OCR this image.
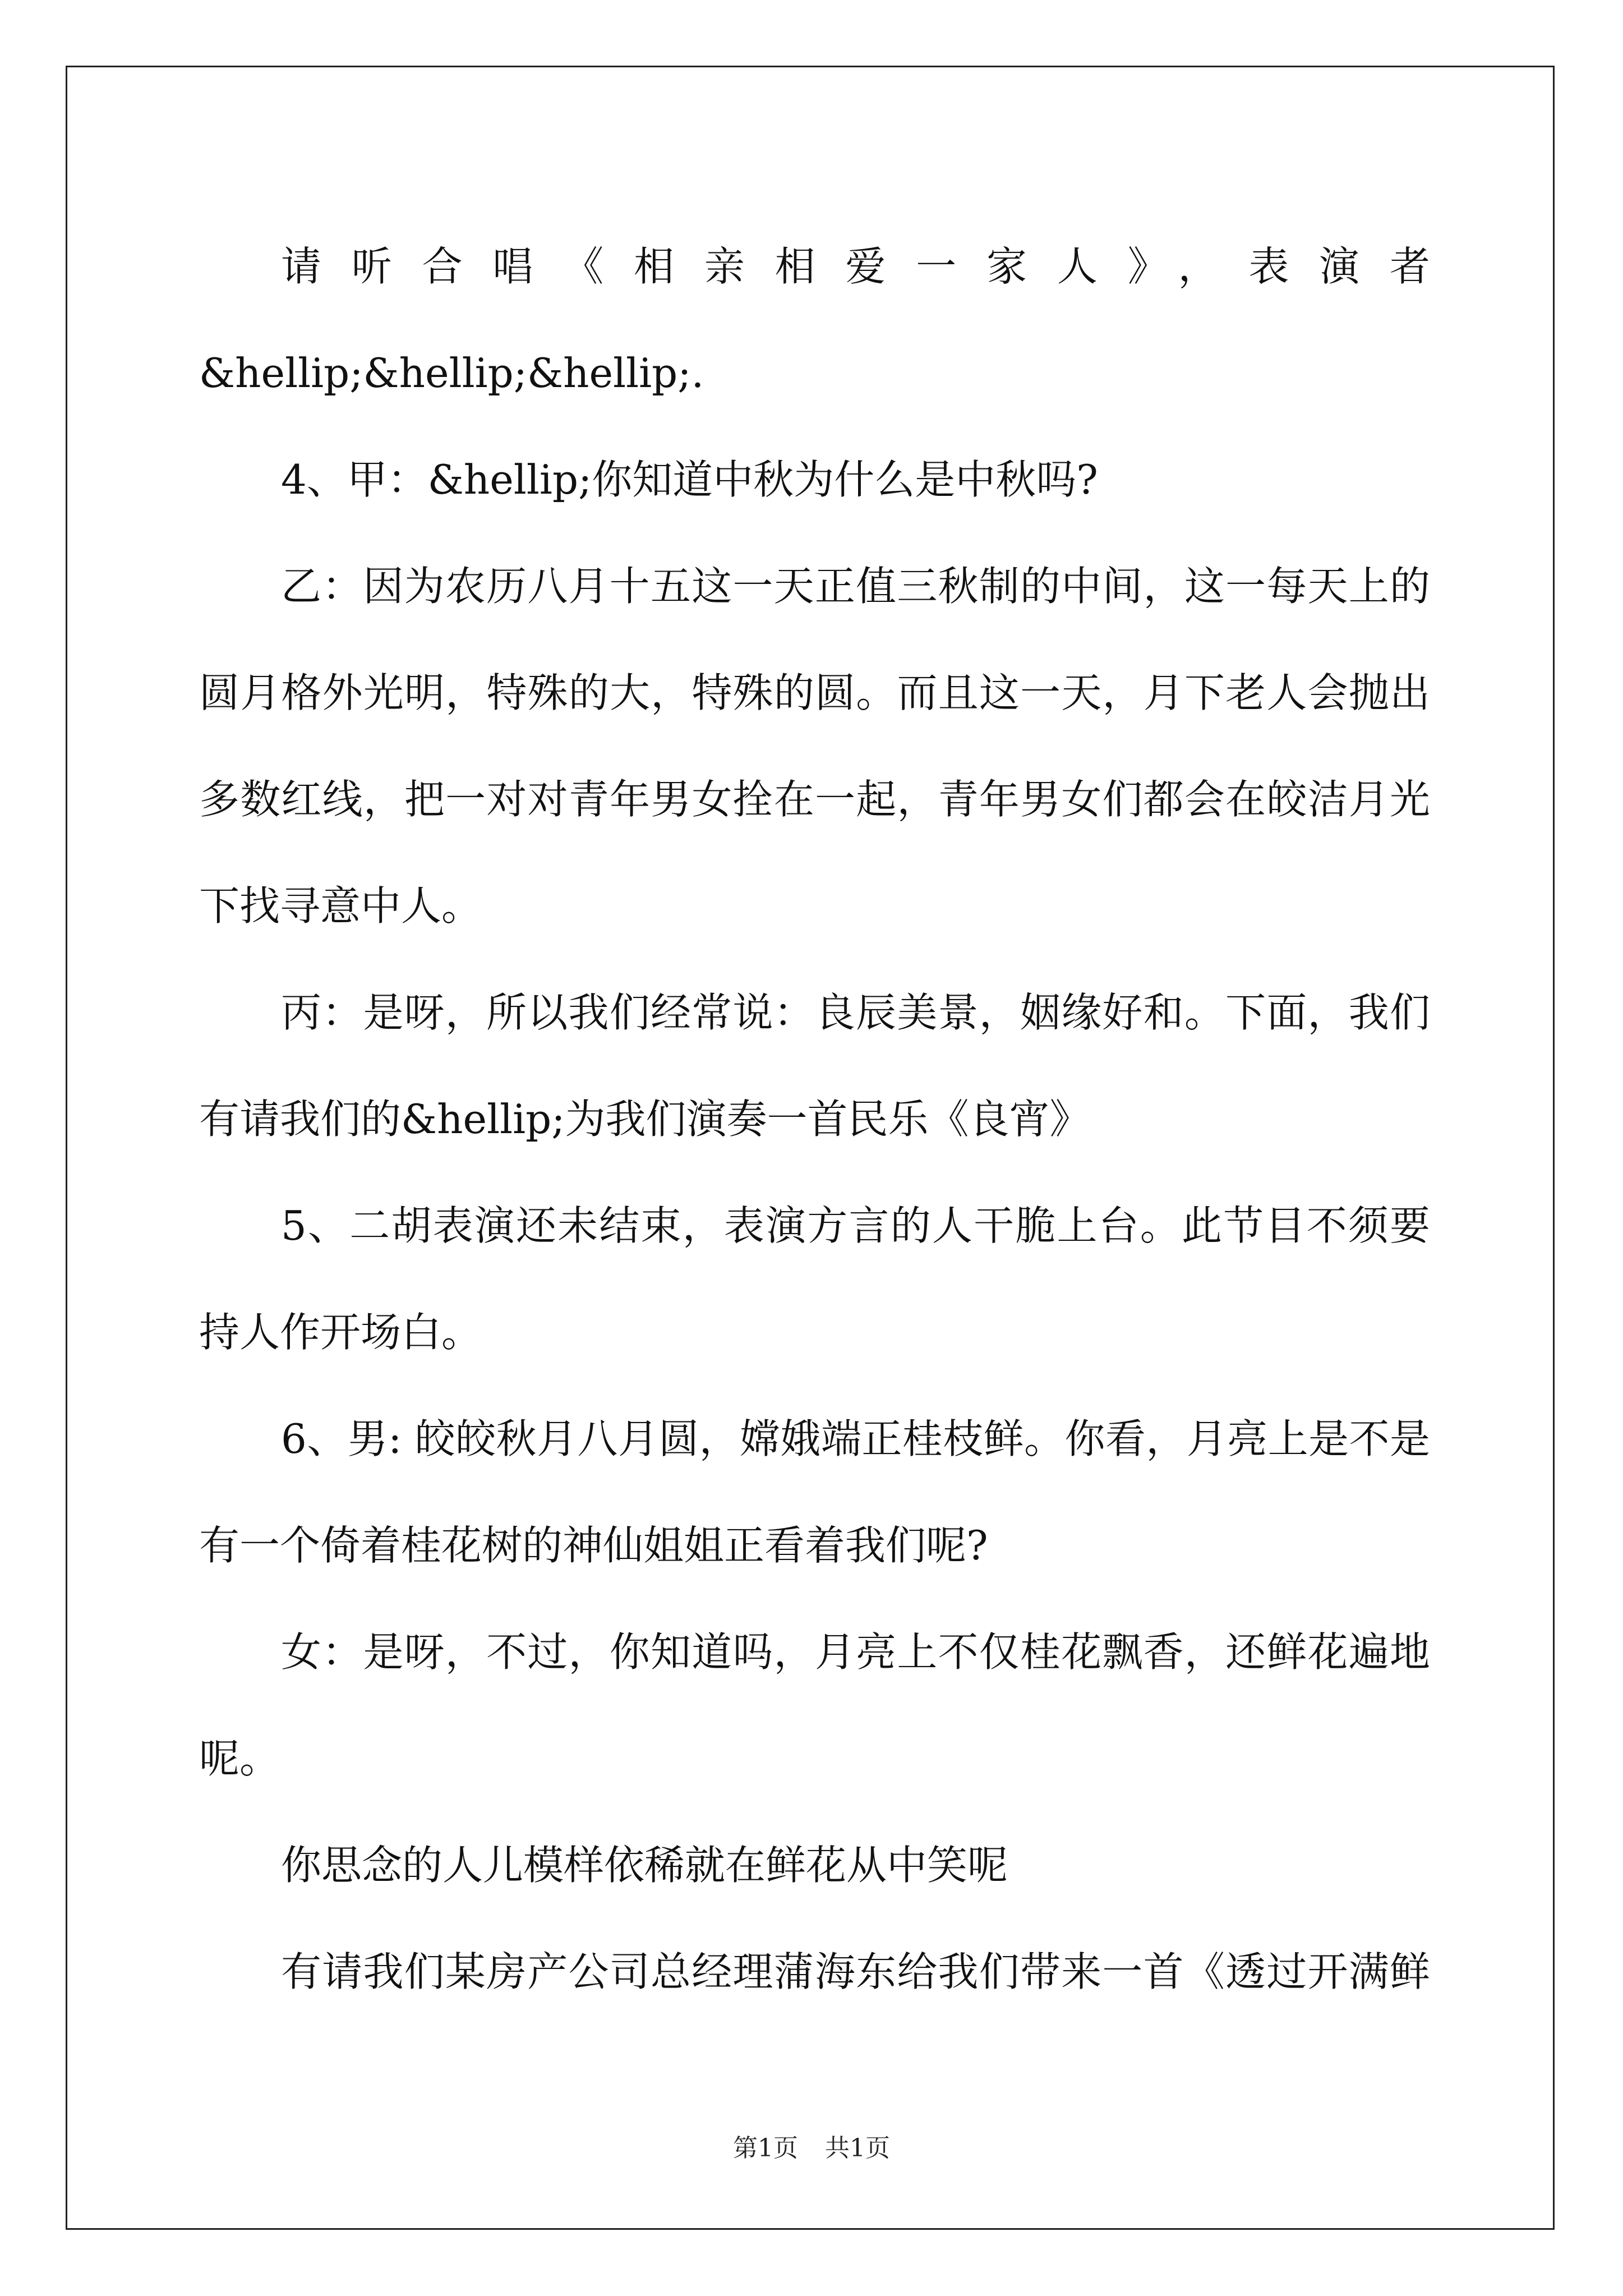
请听合唱《相亲相爱一家人》，表演者
&hellip;&hellip;&hellip;.
4、甲：&hellip;你知道中秋为什么是中秋吗?
乙：因为农历八月十五这一天正值三秋制的中间，这一每天上的
圆月格外光明，特殊的大，特殊的圆。而且这一天，月下老人会抛出
多数红线，把一对对青年男女拴在一起，青年男女们都会在皎洁月光
下找寻意中人。
丙：是呀，所以我们经常说：良辰美景，姻缘好和。下面，我们
有请我们的&hellip;为我们演奏一首民乐《良宵》
5、二胡表演还未结束，表演方言的人干脆上台。此节目不须要
持人作开场白。
6、男: 皎皎秋月八月圆，嫦娥端正桂枝鲜。你看，月亮上是不是
有一个倚着桂花树的神仙姐姐正看着我们呢?
女：是呀，不过，你知道吗，月亮上不仅桂花飘香，还鲜花遍地
呢。
你思念的人儿模样依稀就在鲜花从中笑呢
有请我们某房产公司总经理蒲海东给我们带来一首《透过开满鲜
第1页 共1页
